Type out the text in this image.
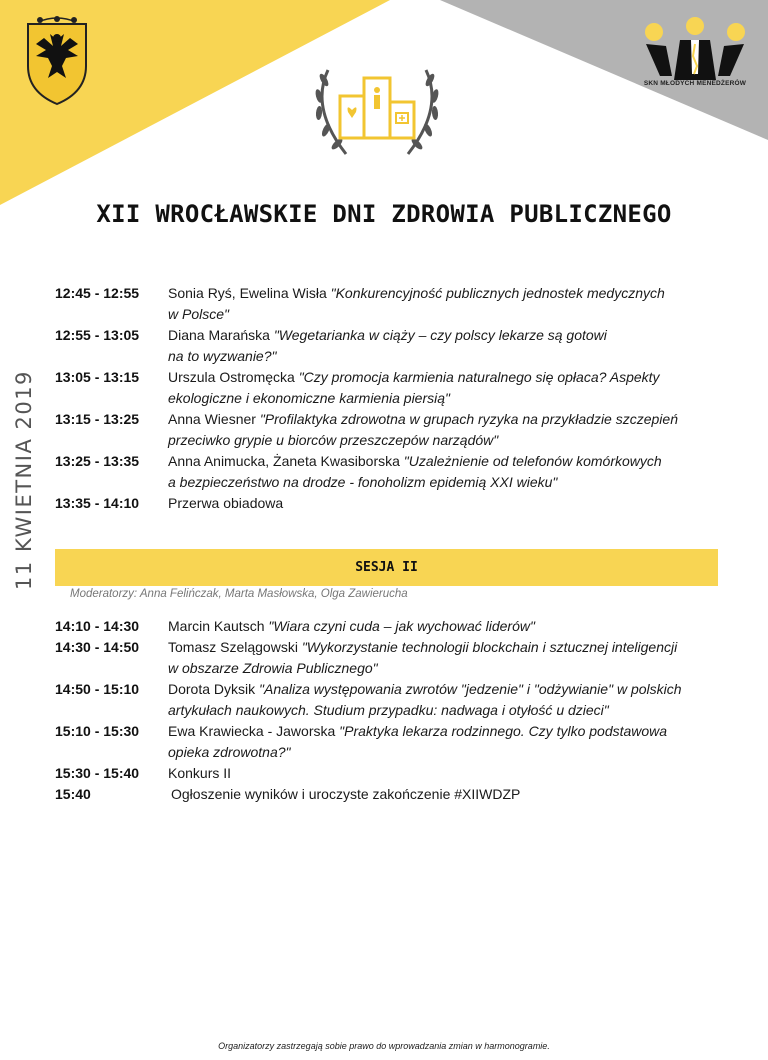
SKN MŁODYCH MENEDŻERÓW
XII WROCŁAWSKIE DNI ZDROWIA PUBLICZNEGO
11 KWIETNIA 2019
12:45 - 12:55	Sonia Ryś, Ewelina Wisła "Konkurencyjność publicznych jednostek medycznych
w Polsce"
12:55 - 13:05	Diana Marańska "Wegetarianka w ciąży – czy polscy lekarze są gotowi
na to wyzwanie?"
13:05 - 13:15	Urszula Ostromęcka "Czy promocja karmienia naturalnego się opłaca? Aspekty
ekologiczne i ekonomiczne karmienia piersią"
13:15 - 13:25	Anna Wiesner "Profilaktyka zdrowotna w grupach ryzyka na przykładzie szczepień
przeciwko grypie u biorców przeszczepów narządów"
13:25 - 13:35	Anna Animucka, Żaneta Kwasiborska "Uzależnienie od telefonów komórkowych
a bezpieczeństwo na drodze - fonoholizm epidemią XXI wieku"
13:35 - 14:10	Przerwa obiadowa
SESJA II
Moderatorzy: Anna Felińczak, Marta Masłowska, Olga Zawierucha
14:10 - 14:30	Marcin Kautsch "Wiara czyni cuda – jak wychować liderów"
14:30 - 14:50	Tomasz Szelągowski "Wykorzystanie technologii blockchain i sztucznej inteligencji
w obszarze Zdrowia Publicznego"
14:50 - 15:10	Dorota Dyksik "Analiza występowania zwrotów "jedzenie" i "odżywianie" w polskich
artykułach naukowych. Studium przypadku: nadwaga i otyłość u dzieci"
15:10 - 15:30	Ewa Krawiecka - Jaworska "Praktyka lekarza rodzinnego. Czy tylko podstawowa
opieka zdrowotna?"
15:30 - 15:40	Konkurs II
15:40	Ogłoszenie wyników i uroczyste zakończenie #XIIWDZP
Organizatorzy zastrzegają sobie prawo do wprowadzania zmian w harmonogramie.
